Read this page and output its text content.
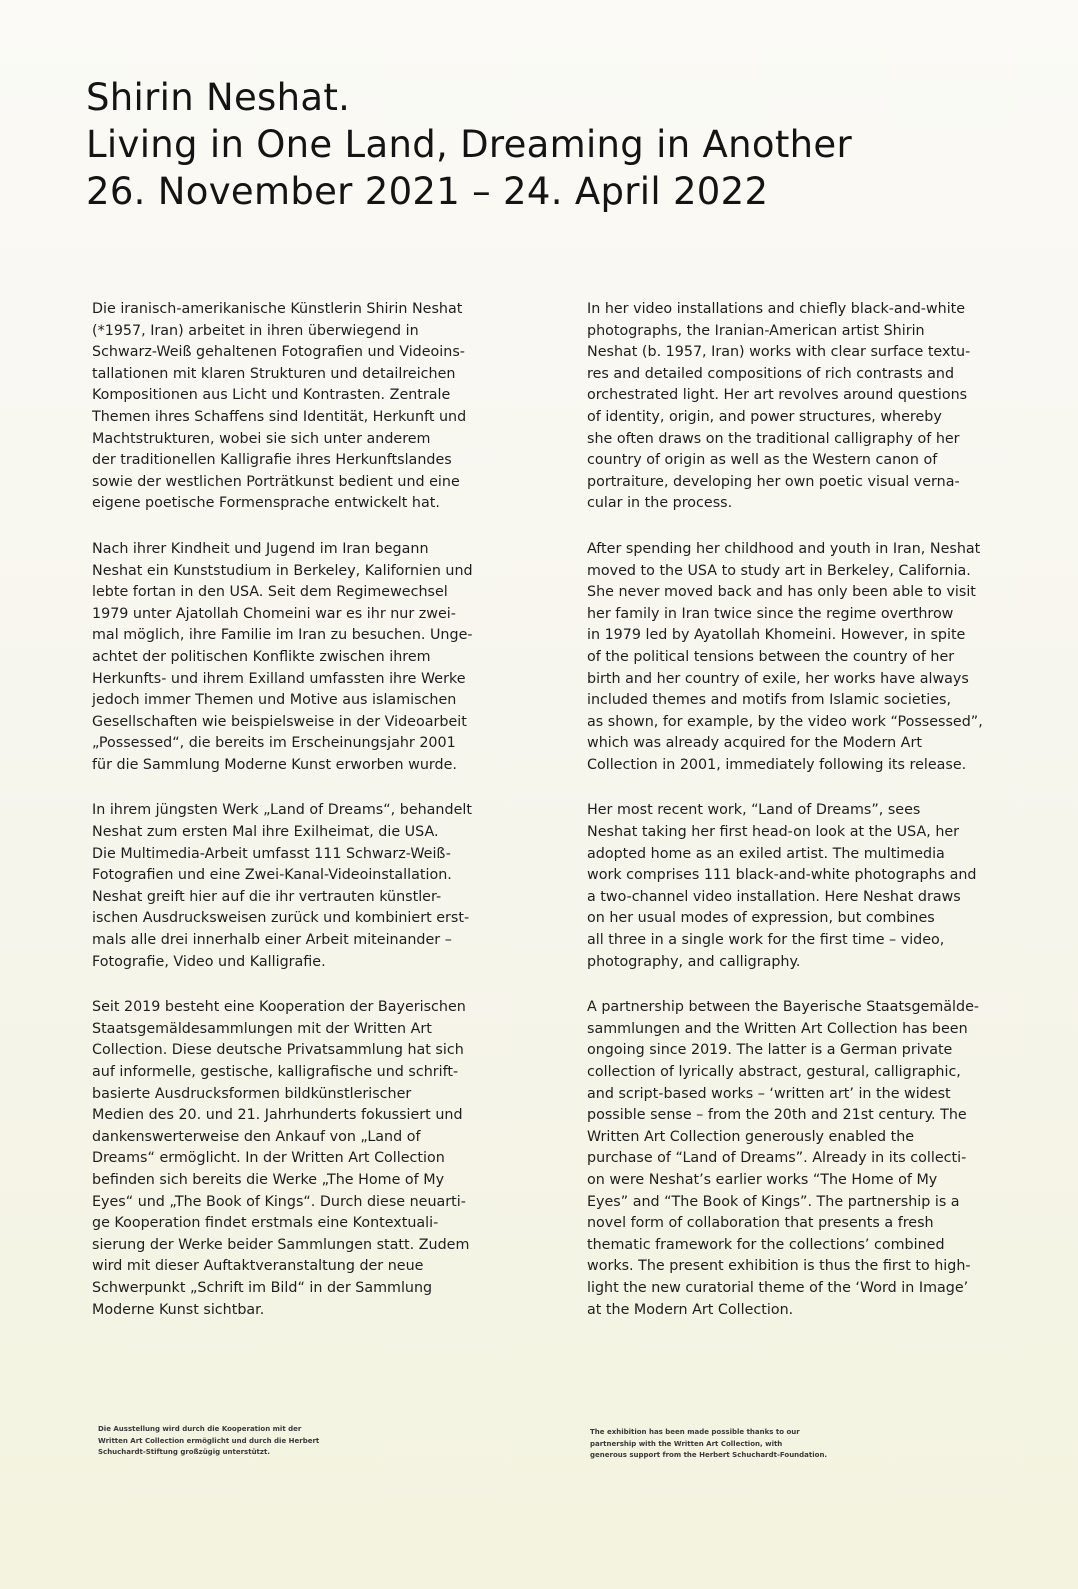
Shirin Neshat.
Living in One Land, Dreaming in Another
26. November 2021 – 24. April 2022
Die iranisch-amerikanische Künstlerin Shirin Neshat
(*1957, Iran) arbeitet in ihren überwiegend in
Schwarz-Weiß gehaltenen Fotografien und Videoins-
tallationen mit klaren Strukturen und detailreichen
Kompositionen aus Licht und Kontrasten. Zentrale
Themen ihres Schaffens sind Identität, Herkunft und
Machtstrukturen, wobei sie sich unter anderem
der traditionellen Kalligrafie ihres Herkunftslandes
sowie der westlichen Porträtkunst bedient und eine
eigene poetische Formensprache entwickelt hat.
Nach ihrer Kindheit und Jugend im Iran begann
Neshat ein Kunststudium in Berkeley, Kalifornien und
lebte fortan in den USA. Seit dem Regimewechsel
1979 unter Ajatollah Chomeini war es ihr nur zwei-
mal möglich, ihre Familie im Iran zu besuchen. Unge-
achtet der politischen Konflikte zwischen ihrem
Herkunfts- und ihrem Exilland umfassten ihre Werke
jedoch immer Themen und Motive aus islamischen
Gesellschaften wie beispielsweise in der Videoarbeit
„Possessed“, die bereits im Erscheinungsjahr 2001
für die Sammlung Moderne Kunst erworben wurde.
In ihrem jüngsten Werk „Land of Dreams“, behandelt
Neshat zum ersten Mal ihre Exilheimat, die USA.
Die Multimedia-Arbeit umfasst 111 Schwarz-Weiß-
Fotografien und eine Zwei-Kanal-Videoinstallation.
Neshat greift hier auf die ihr vertrauten künstler-
ischen Ausdrucksweisen zurück und kombiniert erst-
mals alle drei innerhalb einer Arbeit miteinander –
Fotografie, Video und Kalligrafie.
Seit 2019 besteht eine Kooperation der Bayerischen
Staatsgemäldesammlungen mit der Written Art
Collection. Diese deutsche Privatsammlung hat sich
auf informelle, gestische, kalligrafische und schrift-
basierte Ausdrucksformen bildkünstlerischer
Medien des 20. und 21. Jahrhunderts fokussiert und
dankenswerterweise den Ankauf von „Land of
Dreams“ ermöglicht. In der Written Art Collection
befinden sich bereits die Werke „The Home of My
Eyes“ und „The Book of Kings“. Durch diese neuarti-
ge Kooperation findet erstmals eine Kontextuali-
sierung der Werke beider Sammlungen statt. Zudem
wird mit dieser Auftaktveranstaltung der neue
Schwerpunkt „Schrift im Bild“ in der Sammlung
Moderne Kunst sichtbar.
In her video installations and chiefly black-and-white
photographs, the Iranian-American artist Shirin
Neshat (b. 1957, Iran) works with clear surface textu-
res and detailed compositions of rich contrasts and
orchestrated light. Her art revolves around questions
of identity, origin, and power structures, whereby
she often draws on the traditional calligraphy of her
country of origin as well as the Western canon of
portraiture, developing her own poetic visual verna-
cular in the process.
After spending her childhood and youth in Iran, Neshat
moved to the USA to study art in Berkeley, California.
She never moved back and has only been able to visit
her family in Iran twice since the regime overthrow
in 1979 led by Ayatollah Khomeini. However, in spite
of the political tensions between the country of her
birth and her country of exile, her works have always
included themes and motifs from Islamic societies,
as shown, for example, by the video work “Possessed”,
which was already acquired for the Modern Art
Collection in 2001, immediately following its release.
Her most recent work, “Land of Dreams”, sees
Neshat taking her first head-on look at the USA, her
adopted home as an exiled artist. The multimedia
work comprises 111 black-and-white photographs and
a two-channel video installation. Here Neshat draws
on her usual modes of expression, but combines
all three in a single work for the first time – video,
photography, and calligraphy.
A partnership between the Bayerische Staatsgemälde-
sammlungen and the Written Art Collection has been
ongoing since 2019. The latter is a German private
collection of lyrically abstract, gestural, calligraphic,
and script-based works – ‘written art’ in the widest
possible sense – from the 20th and 21st century. The
Written Art Collection generously enabled the
purchase of “Land of Dreams”. Already in its collecti-
on were Neshat’s earlier works “The Home of My
Eyes” and “The Book of Kings”. The partnership is a
novel form of collaboration that presents a fresh
thematic framework for the collections’ combined
works. The present exhibition is thus the first to high-
light the new curatorial theme of the ‘Word in Image’
at the Modern Art Collection.
Die Ausstellung wird durch die Kooperation mit der
Written Art Collection ermöglicht und durch die Herbert
Schuchardt-Stiftung großzügig unterstützt.
The exhibition has been made possible thanks to our
partnership with the Written Art Collection, with
generous support from the Herbert Schuchardt-Foundation.
